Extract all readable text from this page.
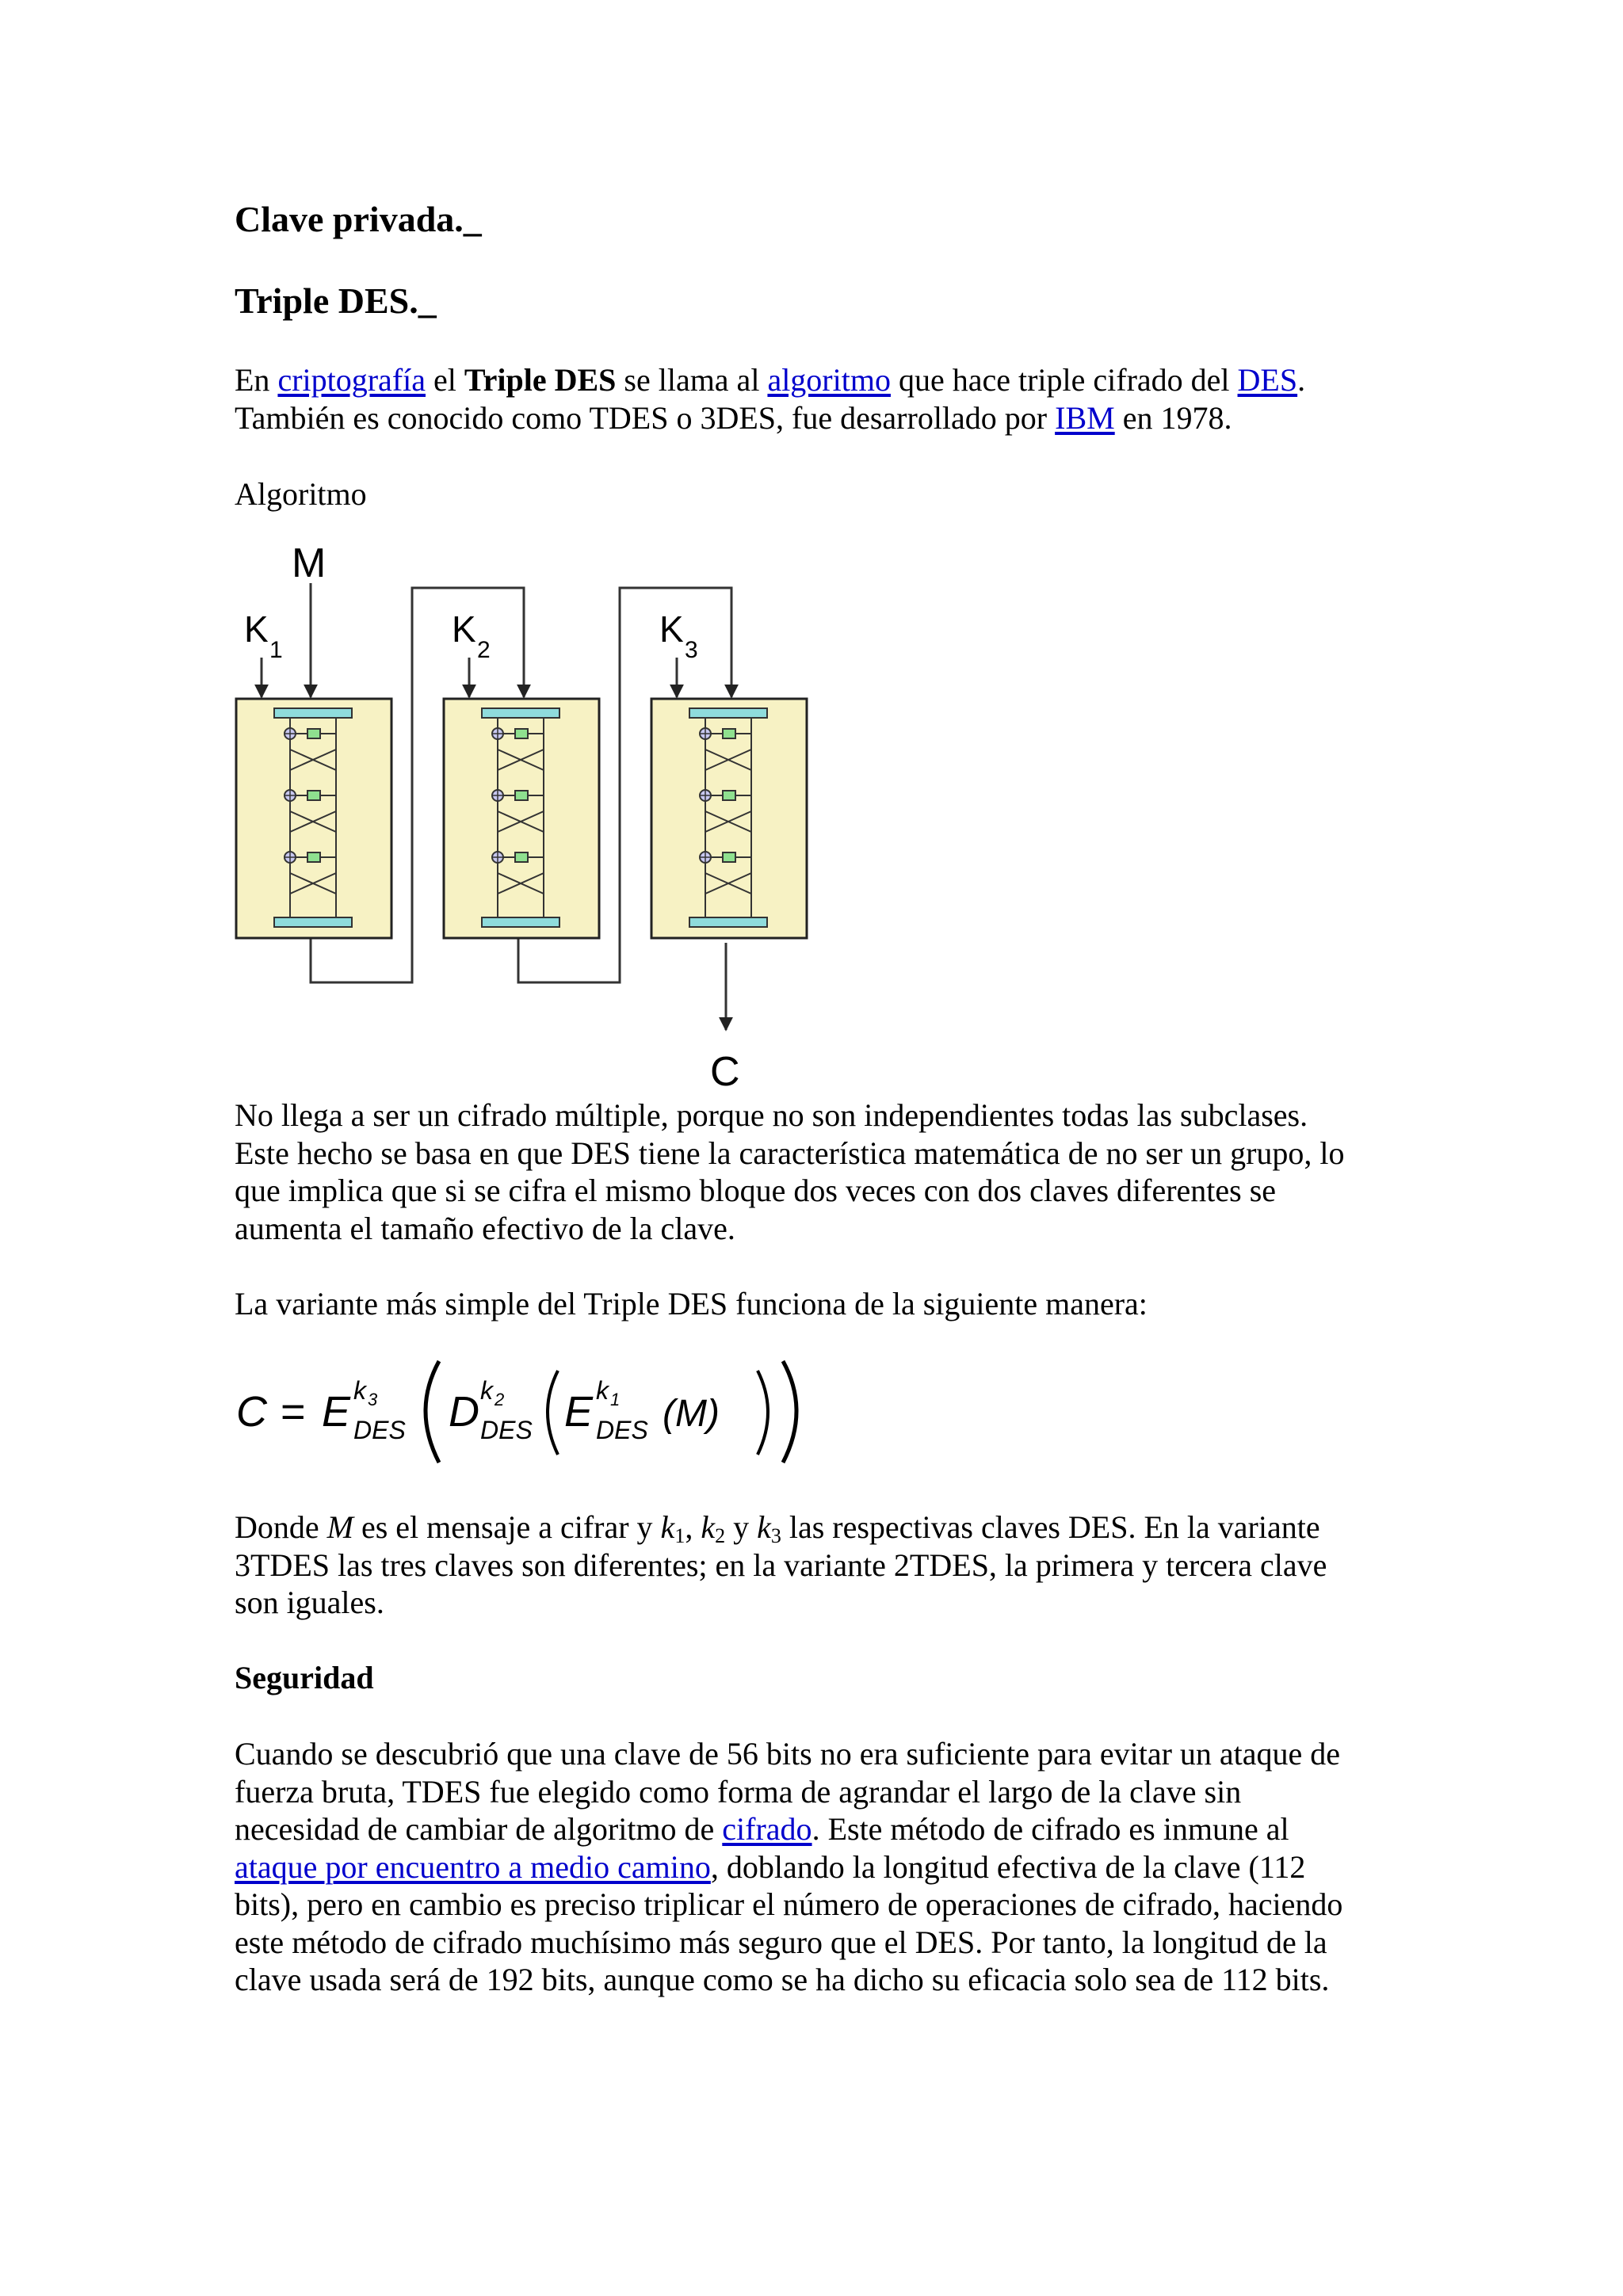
Clave privada._
Triple DES._

En criptografía el Triple DES se llama al algoritmo que hace triple cifrado del DES.
También es conocido como TDES o 3DES, fue desarrollado por IBM en 1978.

Algoritmo

M
C
K
1
K
2
K
3

No llega a ser un cifrado múltiple, porque no son independientes todas las subclases.
Este hecho se basa en que DES tiene la característica matemática de no ser un grupo, lo
que implica que si se cifra el mismo bloque dos veces con dos claves diferentes se
aumenta el tamaño efectivo de la clave.

La variante más simple del Triple DES funciona de la siguiente manera:

C = E k 3
DES D k 2
DES E k 1
DES (M)

Donde M es el mensaje a cifrar y $k_1$, $k_2$ y $k_3$ las respectivas claves DES. En la variante
3TDES las tres claves son diferentes; en la variante 2TDES, la primera y tercera clave
son iguales.

Seguridad

Cuando se descubrió que una clave de 56 bits no era suficiente para evitar un ataque de
fuerza bruta, TDES fue elegido como forma de agrandar el largo de la clave sin
necesidad de cambiar de algoritmo de cifrado. Este método de cifrado es inmune al
ataque por encuentro a medio camino, doblando la longitud efectiva de la clave (112
bits), pero en cambio es preciso triplicar el número de operaciones de cifrado, haciendo
este método de cifrado muchísimo más seguro que el DES. Por tanto, la longitud de la
clave usada será de 192 bits, aunque como se ha dicho su eficacia solo sea de 112 bits.
